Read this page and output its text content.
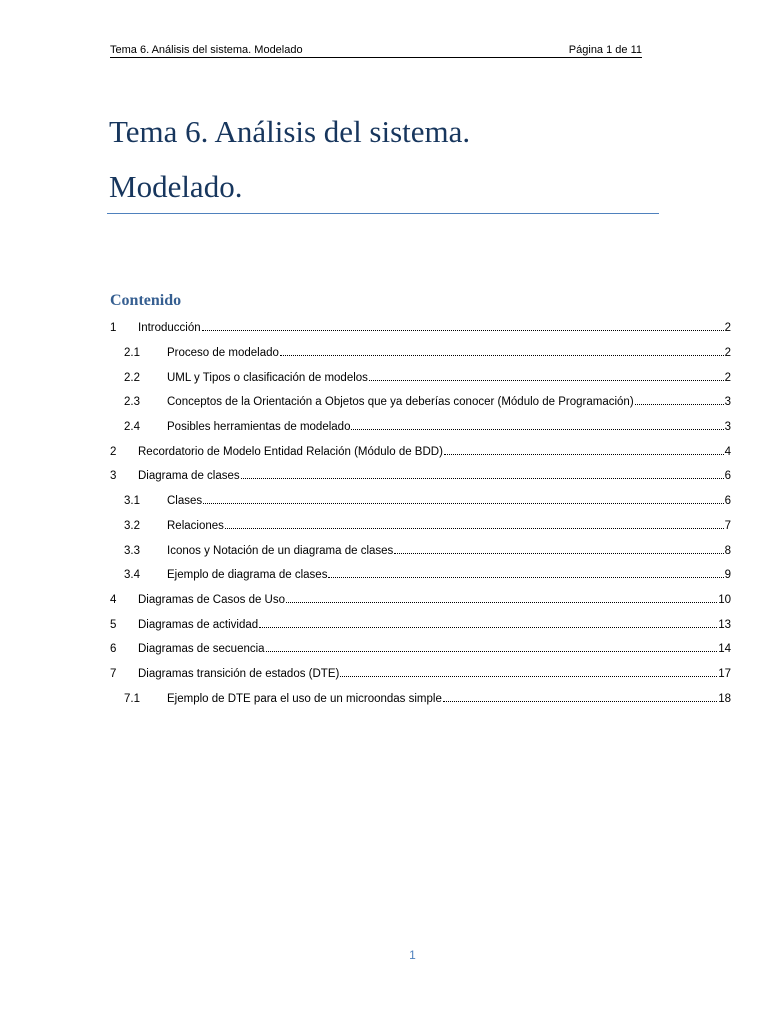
Tema 6. Análisis del sistema. Modelado	Página 1 de 11
Tema 6. Análisis del sistema.
Modelado.
Contenido
1 Introducción	2
2.1 Proceso de modelado	2
2.2 UML y Tipos o clasificación de modelos	2
2.3 Conceptos de la Orientación a Objetos que ya deberías conocer (Módulo de Programación)	3
2.4 Posibles herramientas de modelado	3
2 Recordatorio de Modelo Entidad Relación (Módulo de BDD)	4
3 Diagrama de clases	6
3.1 Clases	6
3.2 Relaciones	7
3.3 Iconos y Notación de un diagrama de clases	8
3.4 Ejemplo de diagrama de clases	9
4 Diagramas de Casos de Uso	10
5 Diagramas de actividad	13
6 Diagramas de secuencia	14
7 Diagramas transición de estados (DTE)	17
7.1 Ejemplo de DTE para el uso de un microondas simple	18
1
